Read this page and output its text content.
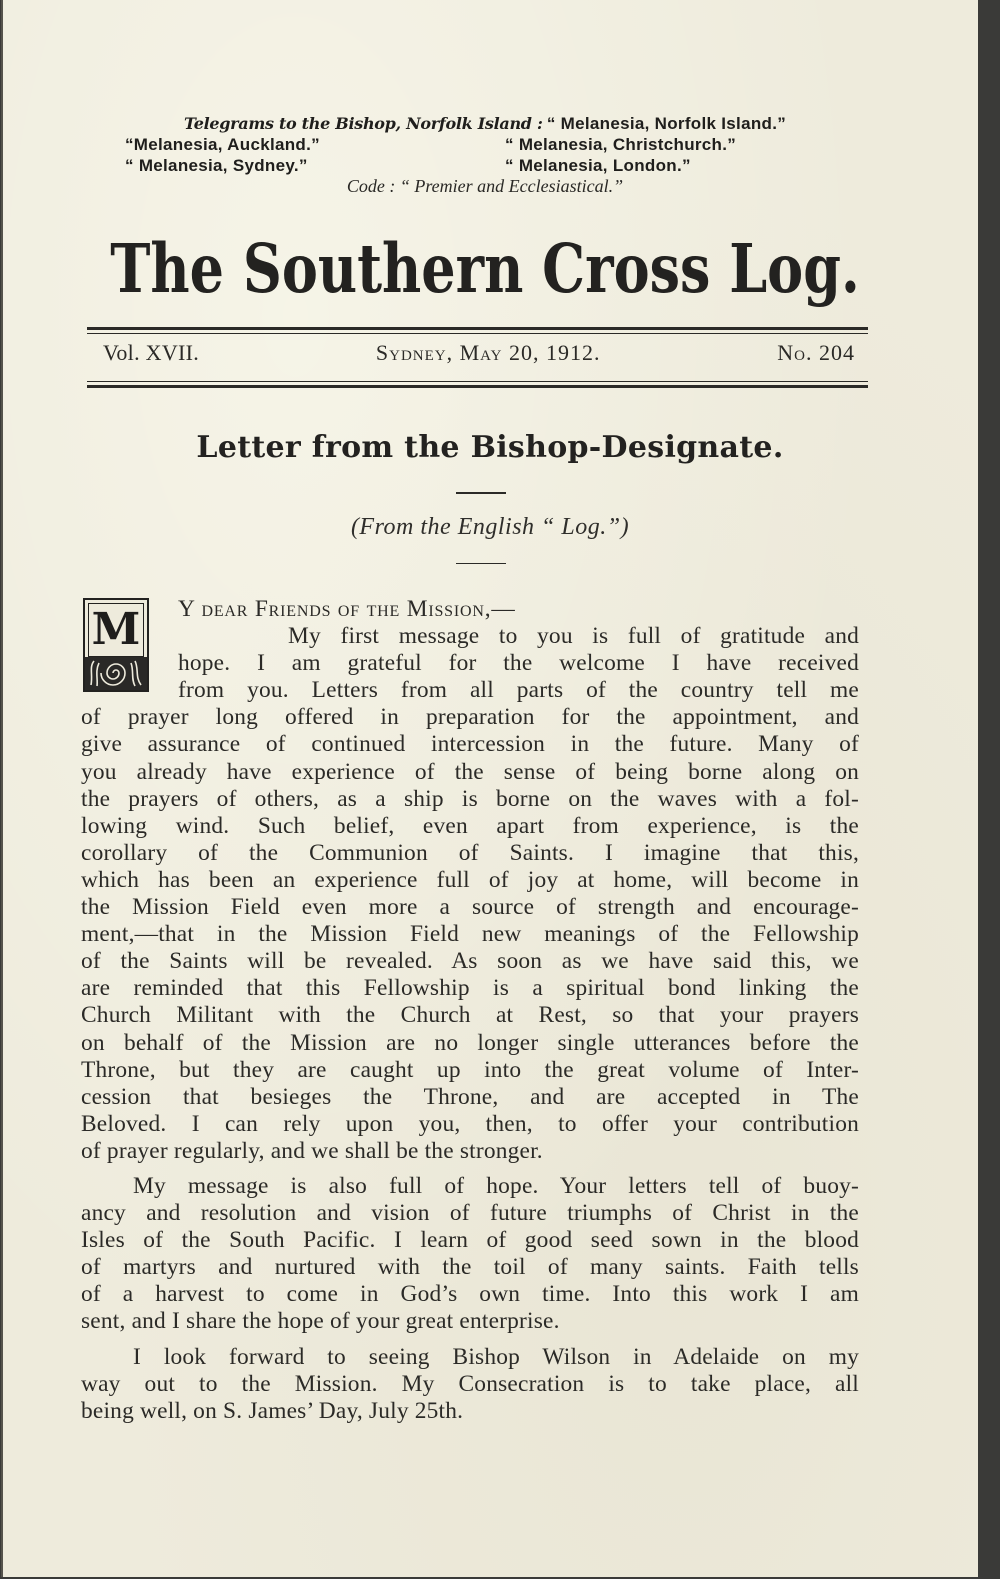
Telegrams to the Bishop, Norfolk Island : “ Melanesia, Norfolk Island.”
“Melanesia, Auckland.”	“ Melanesia, Christchurch.”
“ Melanesia, Sydney.”	“ Melanesia, London.”
Code : “ Premier and Ecclesiastical.”
The Southern Cross Log.
Vol. XVII.	Sydney, May 20, 1912.	No. 204
Letter from the Bishop-Designate.
(From the English “ Log.”)
M	Y dear Friends of the Mission,—
My first message to you is full of gratitude and
hope. I am grateful for the welcome I have received
from you. Letters from all parts of the country tell me
of prayer long offered in preparation for the appointment, and
give assurance of continued intercession in the future. Many of
you already have experience of the sense of being borne along on
the prayers of others, as a ship is borne on the waves with a fol-
lowing wind. Such belief, even apart from experience, is the
corollary of the Communion of Saints. I imagine that this,
which has been an experience full of joy at home, will become in
the Mission Field even more a source of strength and encourage-
ment,—that in the Mission Field new meanings of the Fellowship
of the Saints will be revealed. As soon as we have said this, we
are reminded that this Fellowship is a spiritual bond linking the
Church Militant with the Church at Rest, so that your prayers
on behalf of the Mission are no longer single utterances before the
Throne, but they are caught up into the great volume of Inter-
cession that besieges the Throne, and are accepted in The
Beloved. I can rely upon you, then, to offer your contribution
of prayer regularly, and we shall be the stronger.
My message is also full of hope. Your letters tell of buoy-
ancy and resolution and vision of future triumphs of Christ in the
Isles of the South Pacific. I learn of good seed sown in the blood
of martyrs and nurtured with the toil of many saints. Faith tells
of a harvest to come in God’s own time. Into this work I am
sent, and I share the hope of your great enterprise.
I look forward to seeing Bishop Wilson in Adelaide on my
way out to the Mission. My Consecration is to take place, all
being well, on S. James’ Day, July 25th.
